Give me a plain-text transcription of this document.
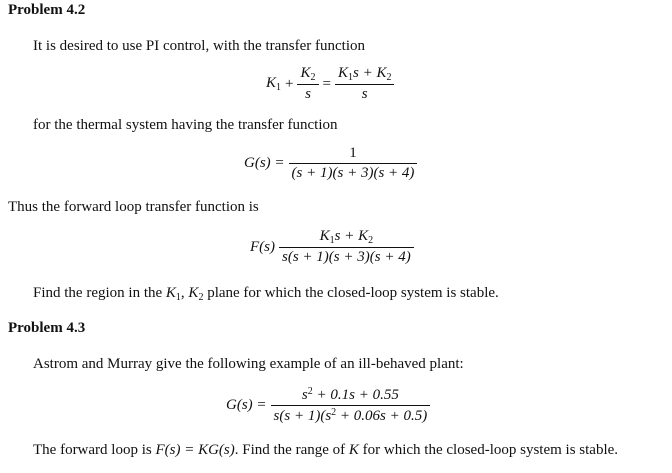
Problem 4.2
It is desired to use PI control, with the transfer function
$K_1 + \frac{K_2}{s} = \frac{K_1s + K_2}{s}$
for the thermal system having the transfer function
$G(s) = \frac{1}{(s + 1)(s + 3)(s + 4)}$
Thus the forward loop transfer function is
$F(s) \frac{K_1s + K_2}{s(s + 1)(s + 3)(s + 4)}$
Find the region in the $K_1$, $K_2$ plane for which the closed-loop system is stable.
Problem 4.3
Astrom and Murray give the following example of an ill-behaved plant:
$G(s) = \frac{s^2 + 0.1s + 0.55}{s(s + 1)(s^2 + 0.06s + 0.5)}$
The forward loop is F(s) = KG(s). Find the range of K for which the closed-loop system is stable.
